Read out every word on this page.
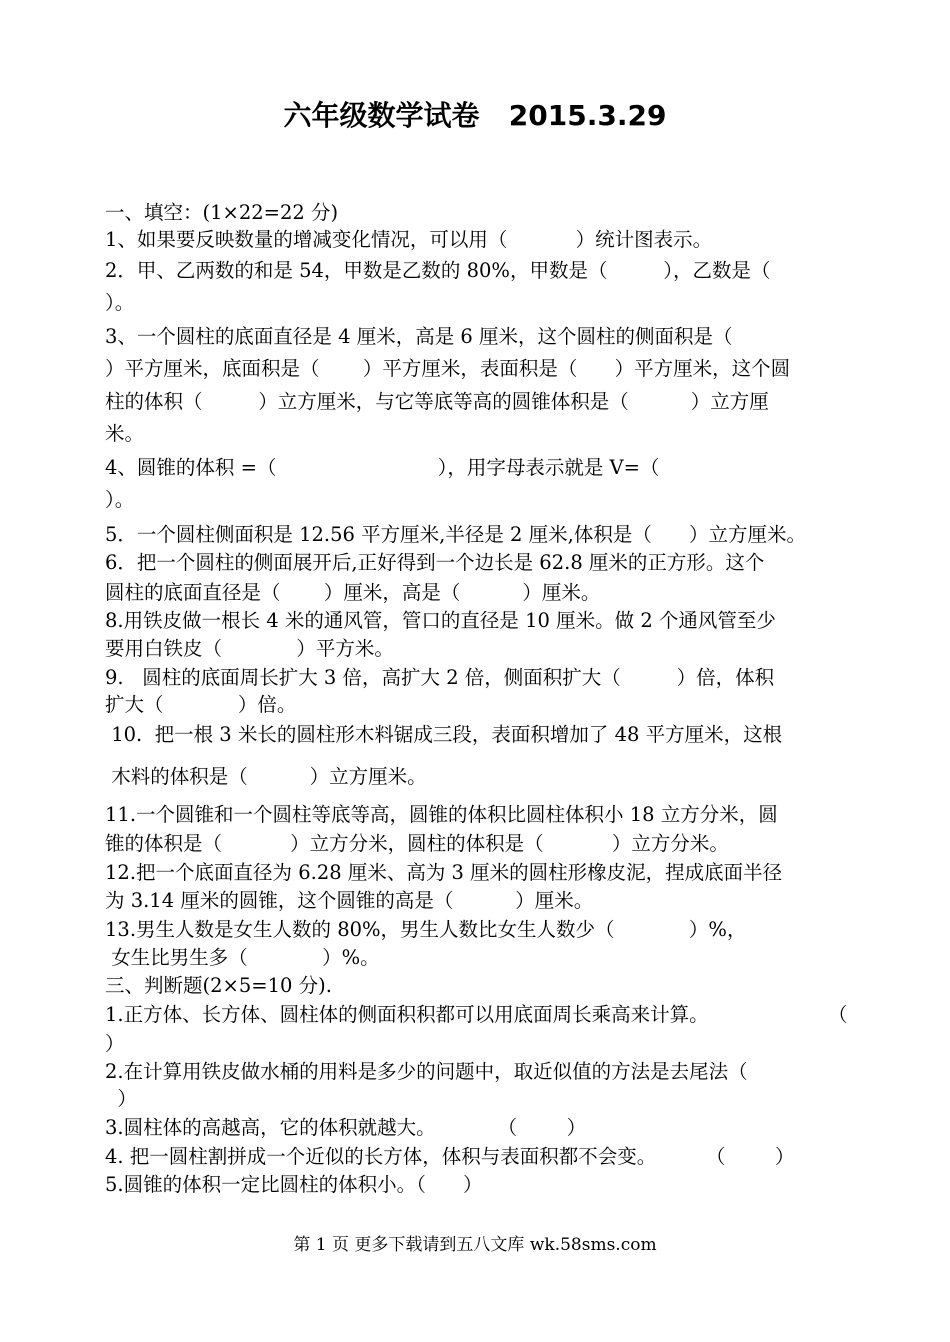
六年级数学试卷   2015.3.29
一、填空：(1×22=22 分)
1、如果要反映数量的增减变化情况，可以用（           ）统计图表示。
2．甲、乙两数的和是 54，甲数是乙数的 80%，甲数是（         ），乙数是（
）。
3、一个圆柱的底面直径是 4 厘米，高是 6 厘米，这个圆柱的侧面积是（
）平方厘米，底面积是（       ）平方厘米，表面积是（      ）平方厘米，这个圆
柱的体积（         ）立方厘米，与它等底等高的圆锥体积是（          ）立方厘
米。
4、圆锥的体积 =（                          ），用字母表示就是 V=（
）。
5．一个圆柱侧面积是 12.56 平方厘米,半径是 2 厘米,体积是（      ）立方厘米。
6．把一个圆柱的侧面展开后,正好得到一个边长是 62.8 厘米的正方形。这个
圆柱的底面直径是（       ）厘米，高是（          ）厘米。
8.用铁皮做一根长 4 米的通风管，管口的直径是 10 厘米。做 2 个通风管至少
要用白铁皮（            ）平方米。
9.   圆柱的底面周长扩大 3 倍，高扩大 2 倍，侧面积扩大（         ）倍，体积
扩大（            ）倍。
10.  把一根 3 米长的圆柱形木料锯成三段，表面积增加了 48 平方厘米，这根
木料的体积是（          ）立方厘米。
11.一个圆锥和一个圆柱等底等高，圆锥的体积比圆柱体积小 18 立方分米，圆
锥的体积是（           ）立方分米，圆柱的体积是（           ）立方分米。
12.把一个底面直径为 6.28 厘米、高为 3 厘米的圆柱形橡皮泥，捏成底面半径
为 3.14 厘米的圆锥，这个圆锥的高是（          ）厘米。
13.男生人数是女生人数的 80%，男生人数比女生人数少（            ）%，
女生比男生多（            ）%。
三、判断题(2×5=10 分).
1.正方体、长方体、圆柱体的侧面积积都可以用底面周长乘高来计算。	（
）
2.在计算用铁皮做水桶的用料是多少的问题中，取近似值的方法是去尾法（
）
3.圆柱体的高越高，它的体积就越大。          （        ）
4. 把一圆柱割拼成一个近似的长方体，体积与表面积都不会变。        （        ）
5.圆锥的体积一定比圆柱的体积小。（      ）
第 1 页 更多下载请到五八文库 wk.58sms.com
